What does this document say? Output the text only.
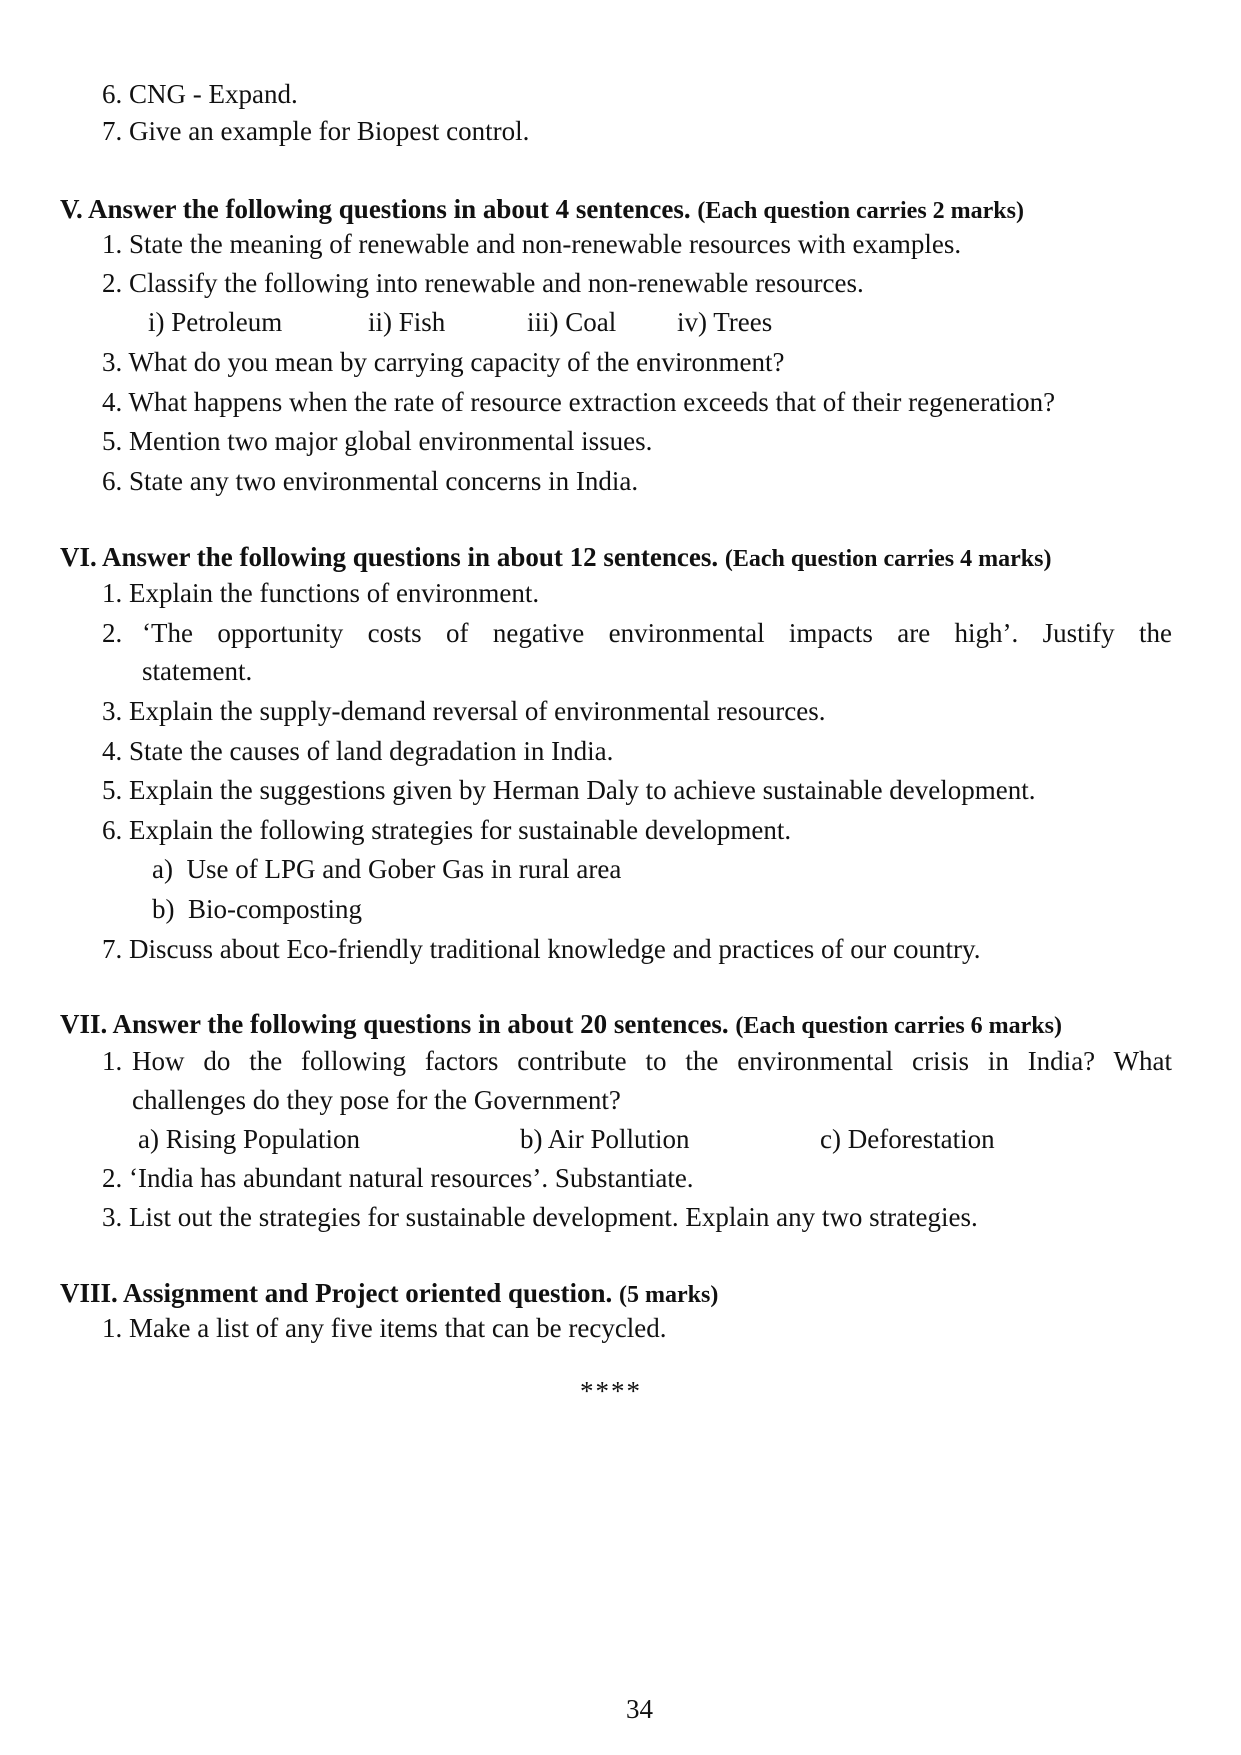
6. CNG - Expand.
7. Give an example for Biopest control.
V. Answer the following questions in about 4 sentences. (Each question carries 2 marks)
1. State the meaning of renewable and non-renewable resources with examples.
2. Classify the following into renewable and non-renewable resources.
i) Petroleum	ii) Fish	iii) Coal iv) Trees
3. What do you mean by carrying capacity of the environment?
4. What happens when the rate of resource extraction exceeds that of their regeneration?
5. Mention two major global environmental issues.
6. State any two environmental concerns in India.
VI. Answer the following questions in about 12 sentences. (Each question carries 4 marks)
1. Explain the functions of environment.
2. ‘The opportunity costs of negative environmental impacts are high’. Justify the
statement.
3. Explain the supply-demand reversal of environmental resources.
4. State the causes of land degradation in India.
5. Explain the suggestions given by Herman Daly to achieve sustainable development.
6. Explain the following strategies for sustainable development.
a)  Use of LPG and Gober Gas in rural area
b)  Bio-composting
7. Discuss about Eco-friendly traditional knowledge and practices of our country.
VII. Answer the following questions in about 20 sentences. (Each question carries 6 marks)
1. How do the following factors contribute to the environmental crisis in India? What
challenges do they pose for the Government?
a) Rising Population	b) Air Pollution	c) Deforestation
2. ‘India has abundant natural resources’. Substantiate.
3. List out the strategies for sustainable development. Explain any two strategies.
VIII. Assignment and Project oriented question. (5 marks)
1. Make a list of any five items that can be recycled.
****
34
